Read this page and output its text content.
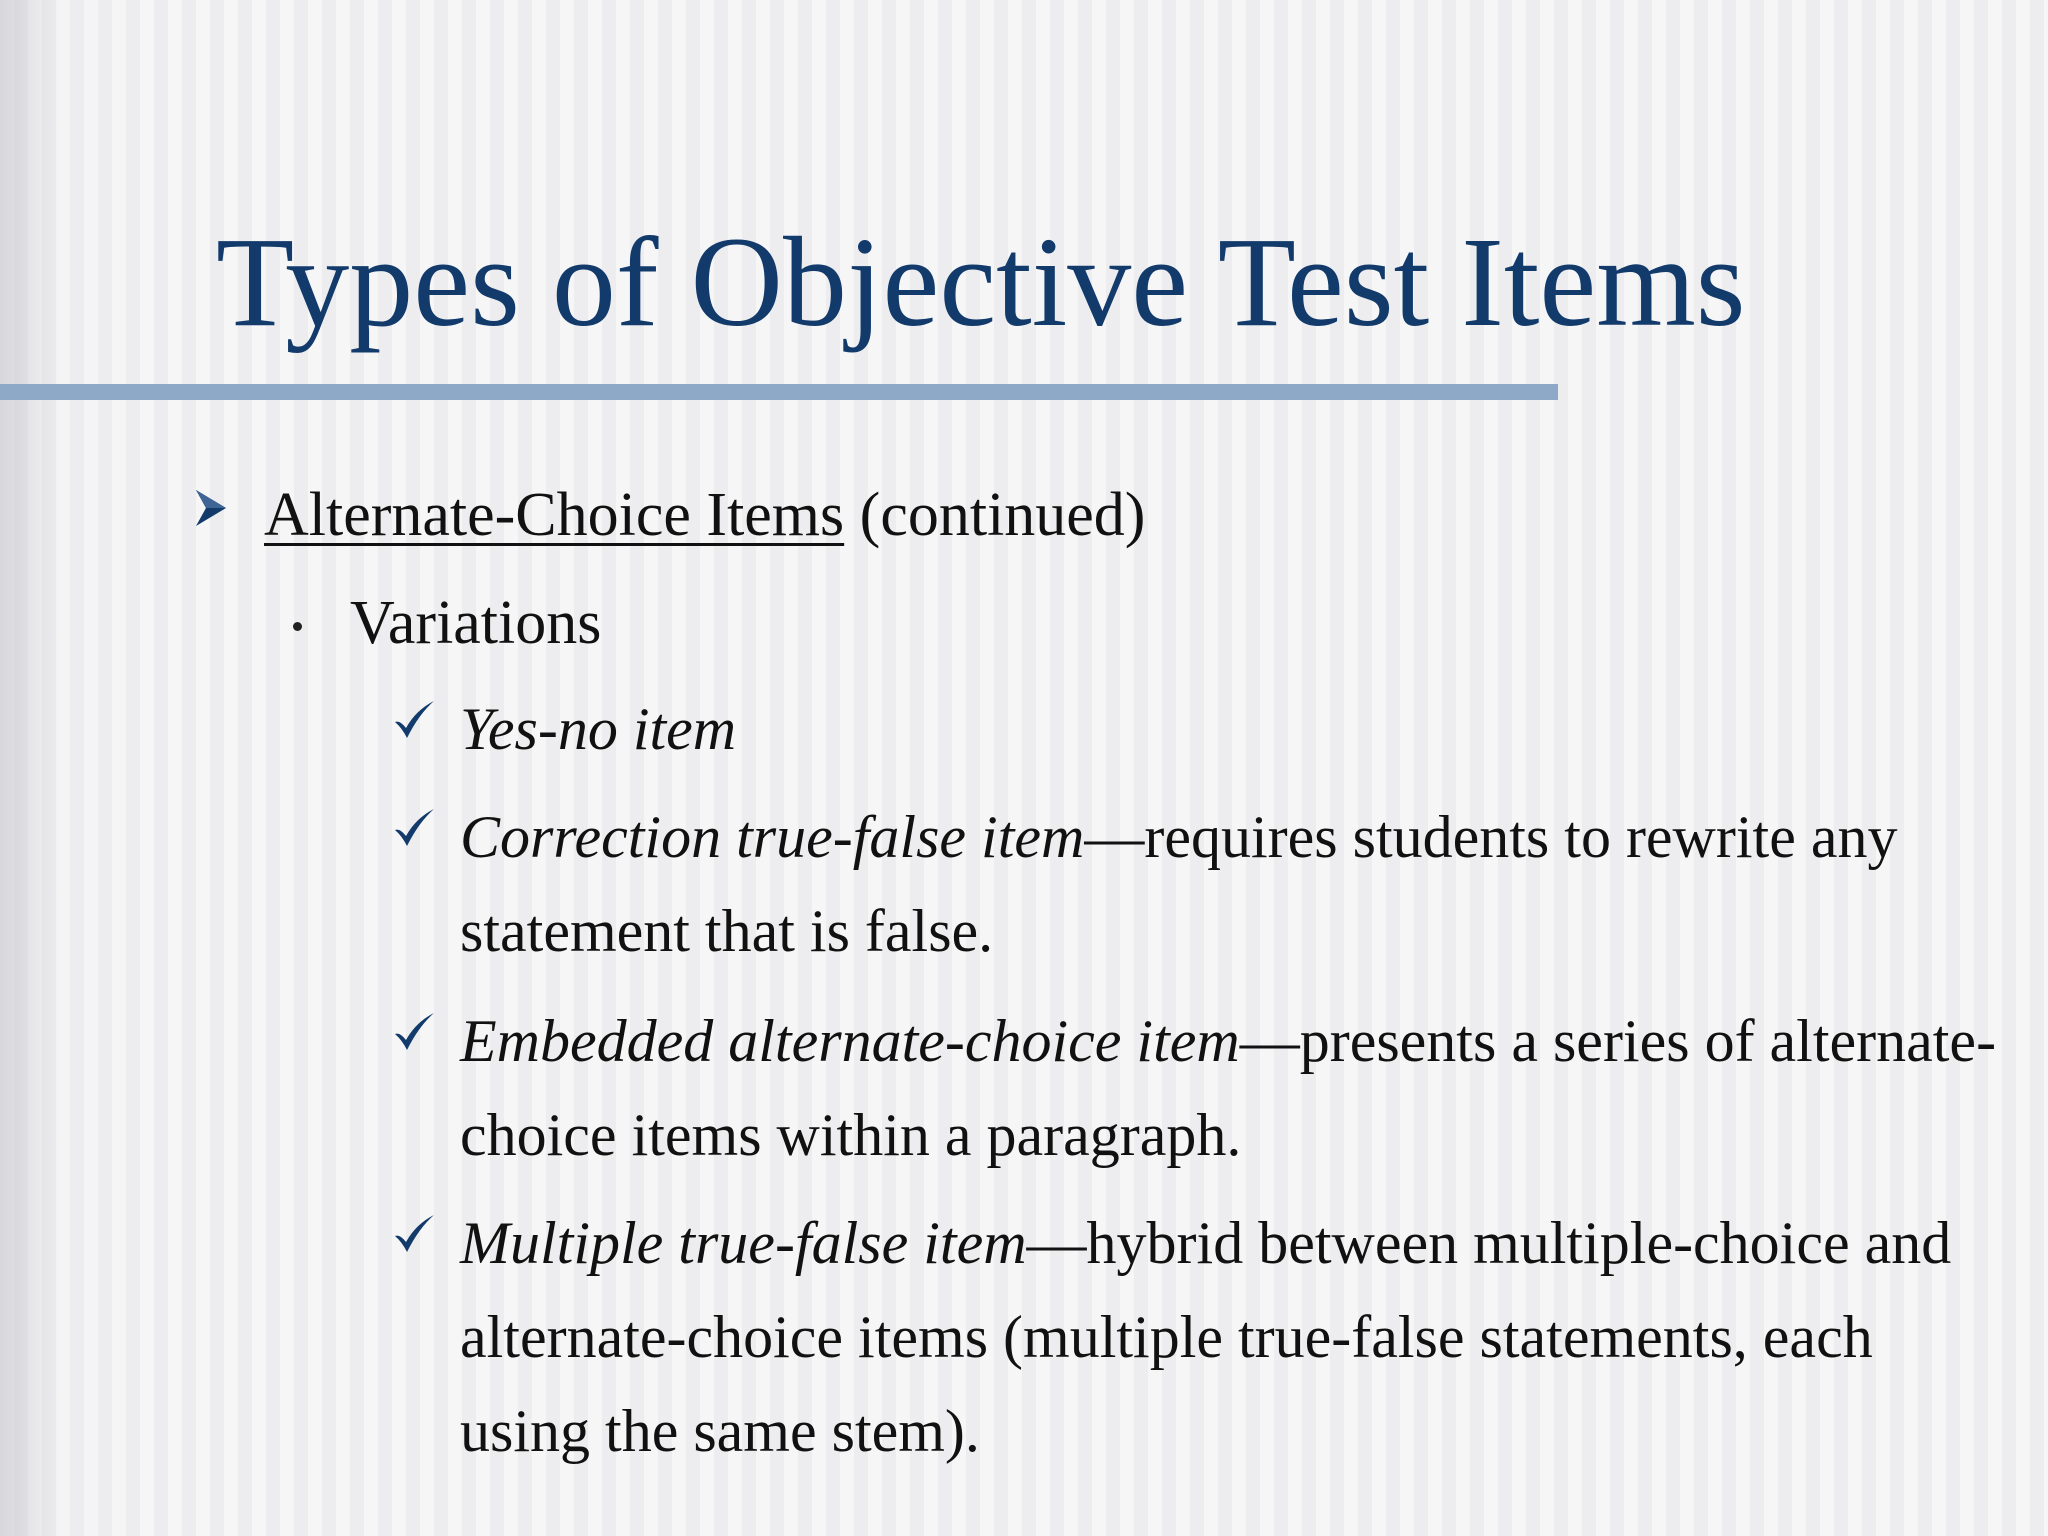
Types of Objective Test Items
Alternate-Choice Items (continued)
Variations
Yes-no item
Correction true-false item—requires students to rewrite any statement that is false.
Embedded alternate-choice item—presents a series of alternate-choice items within a paragraph.
Multiple true-false item—hybrid between multiple-choice and alternate-choice items (multiple true-false statements, each using the same stem).
